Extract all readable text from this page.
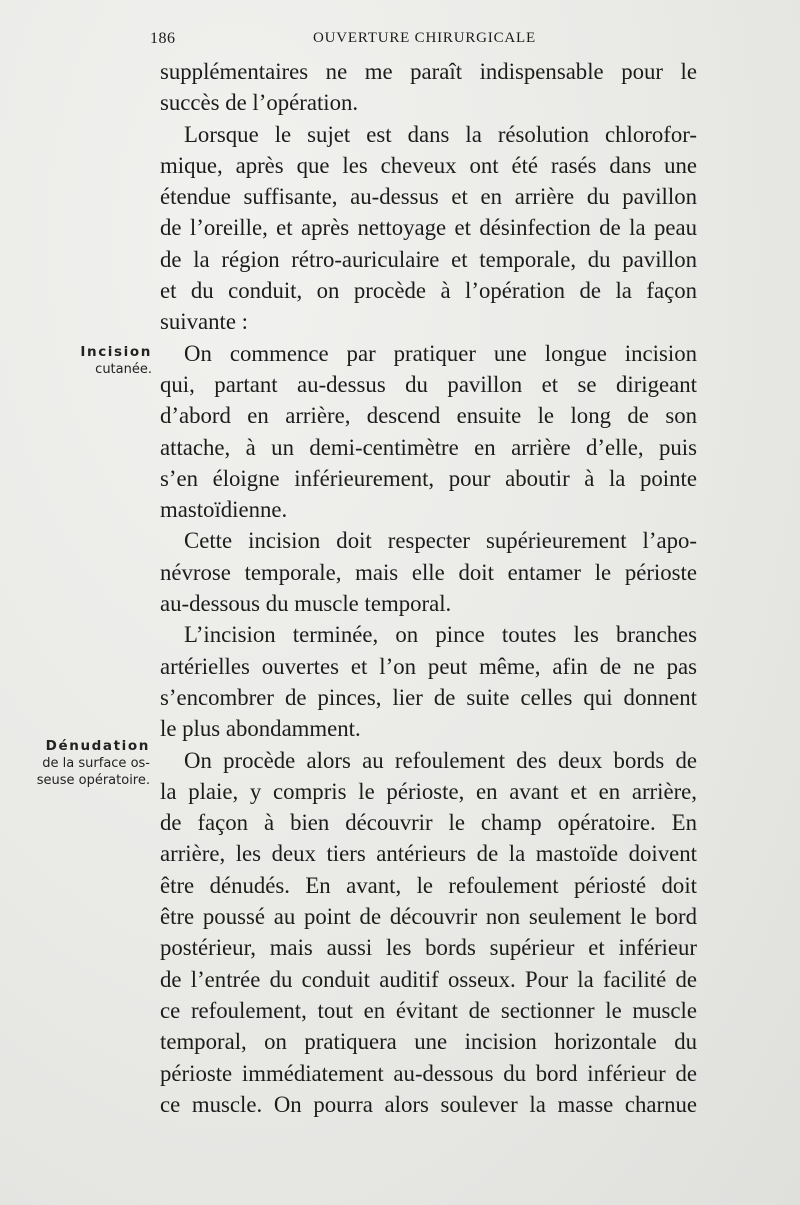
186	OUVERTURE CHIRURGICALE
Incision
cutanée.
Dénudation
de la surface os-
seuse opératoire.

supplémentaires ne me paraît indispensable pour le

succès de l’opération.

Lorsque le sujet est dans la résolution chlorofor-

mique, après que les cheveux ont été rasés dans une

étendue suffisante, au-dessus et en arrière du pavillon

de l’oreille, et après nettoyage et désinfection de la peau

de la région rétro-auriculaire et temporale, du pavillon

et du conduit, on procède à l’opération de la façon

suivante :

On commence par pratiquer une longue incision

qui, partant au-dessus du pavillon et se dirigeant

d’abord en arrière, descend ensuite le long de son

attache, à un demi-centimètre en arrière d’elle, puis

s’en éloigne inférieurement, pour aboutir à la pointe

mastoïdienne.

Cette incision doit respecter supérieurement l’apo-

névrose temporale, mais elle doit entamer le périoste

au-dessous du muscle temporal.

L’incision terminée, on pince toutes les branches

artérielles ouvertes et l’on peut même, afin de ne pas

s’encombrer de pinces, lier de suite celles qui donnent

le plus abondamment.

On procède alors au refoulement des deux bords de

la plaie, y compris le périoste, en avant et en arrière,

de façon à bien découvrir le champ opératoire. En

arrière, les deux tiers antérieurs de la mastoïde doivent

être dénudés. En avant, le refoulement périosté doit

être poussé au point de découvrir non seulement le bord

postérieur, mais aussi les bords supérieur et inférieur

de l’entrée du conduit auditif osseux. Pour la facilité de

ce refoulement, tout en évitant de sectionner le muscle

temporal, on pratiquera une incision horizontale du

périoste immédiatement au-dessous du bord inférieur de

ce muscle. On pourra alors soulever la masse charnue
